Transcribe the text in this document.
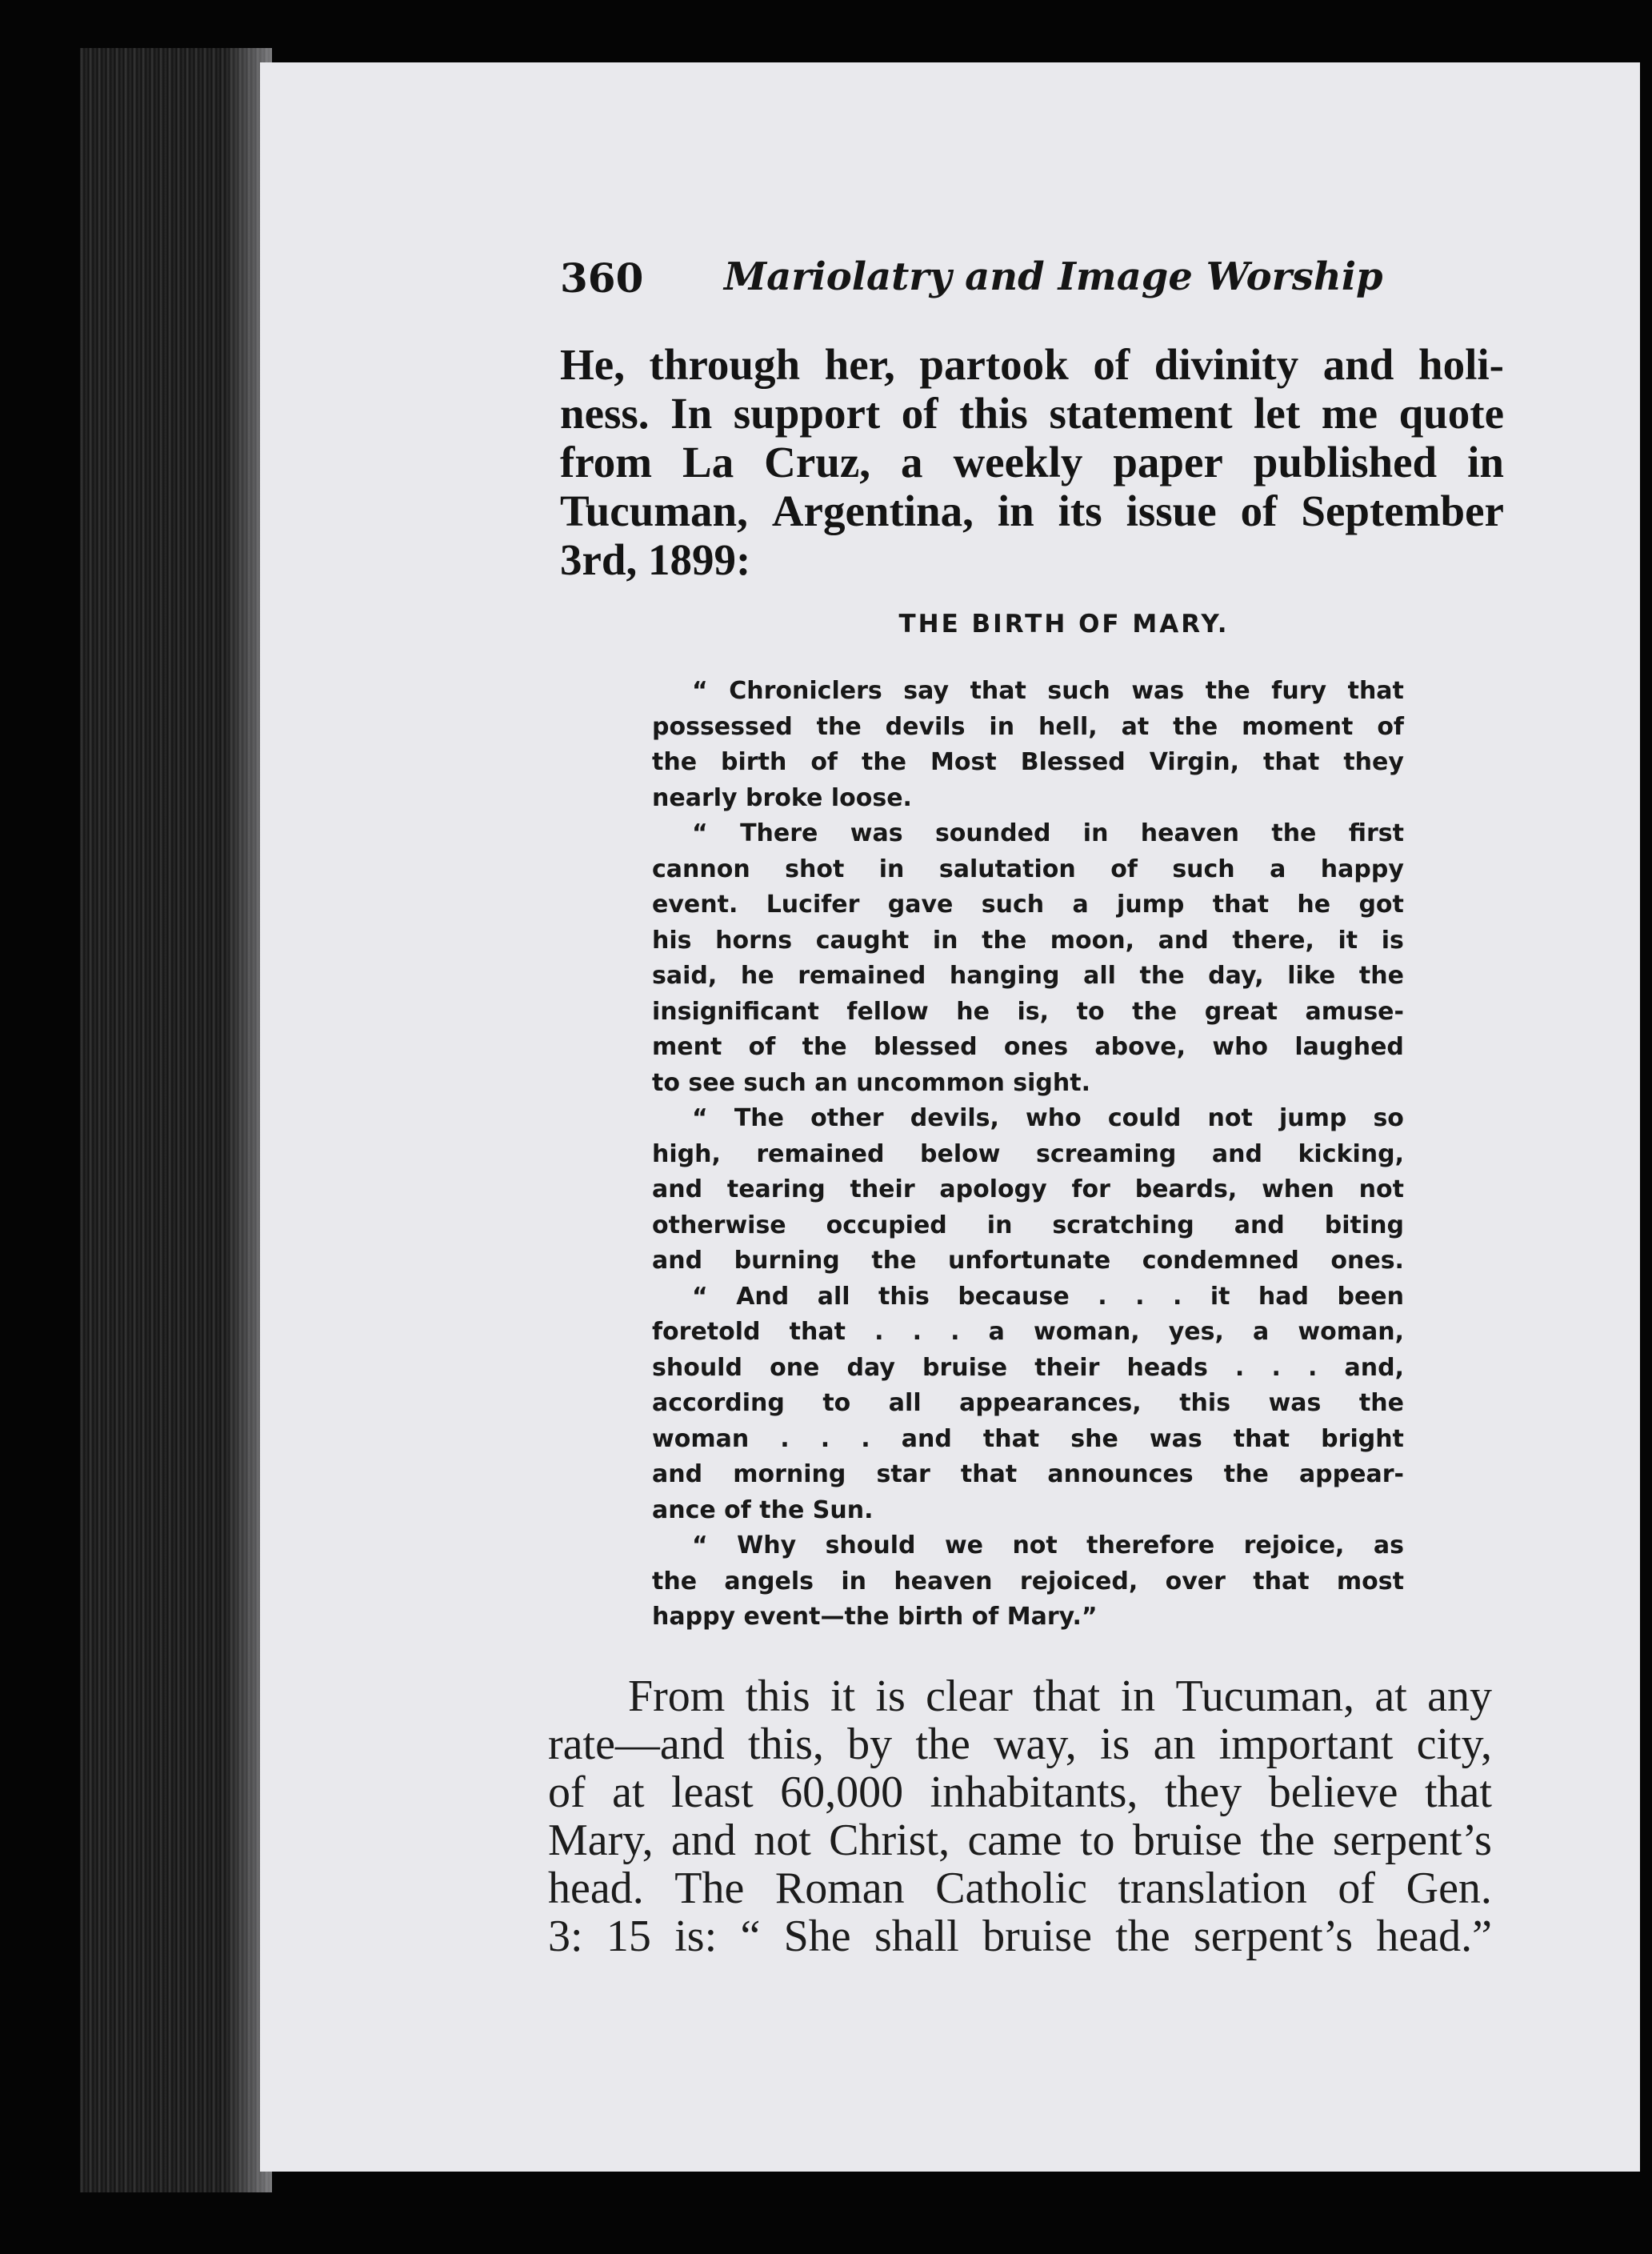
360 Mariolatry and Image Worship
He, through her, partook of divinity and holi-
ness. In support of this statement let me quote
from La Cruz, a weekly paper published in
Tucuman, Argentina, in its issue of September
3rd, 1899:
THE BIRTH OF MARY.
“ Chroniclers say that such was the fury that
possessed the devils in hell, at the moment of
the birth of the Most Blessed Virgin, that they
nearly broke loose.
“ There was sounded in heaven the first
cannon shot in salutation of such a happy
event. Lucifer gave such a jump that he got
his horns caught in the moon, and there, it is
said, he remained hanging all the day, like the
insignificant fellow he is, to the great amuse-
ment of the blessed ones above, who laughed
to see such an uncommon sight.
“ The other devils, who could not jump so
high, remained below screaming and kicking,
and tearing their apology for beards, when not
otherwise occupied in scratching and biting
and burning the unfortunate condemned ones.
“ And all this because . . . it had been
foretold that . . . a woman, yes, a woman,
should one day bruise their heads . . . and,
according to all appearances, this was the
woman . . . and that she was that bright
and morning star that announces the appear-
ance of the Sun.
“ Why should we not therefore rejoice, as
the angels in heaven rejoiced, over that most
happy event—the birth of Mary.”
From this it is clear that in Tucuman, at any
rate—and this, by the way, is an important city,
of at least 60,000 inhabitants, they believe that
Mary, and not Christ, came to bruise the serpent’s
head. The Roman Catholic translation of Gen.
3: 15 is: “ She shall bruise the serpent’s head.”
